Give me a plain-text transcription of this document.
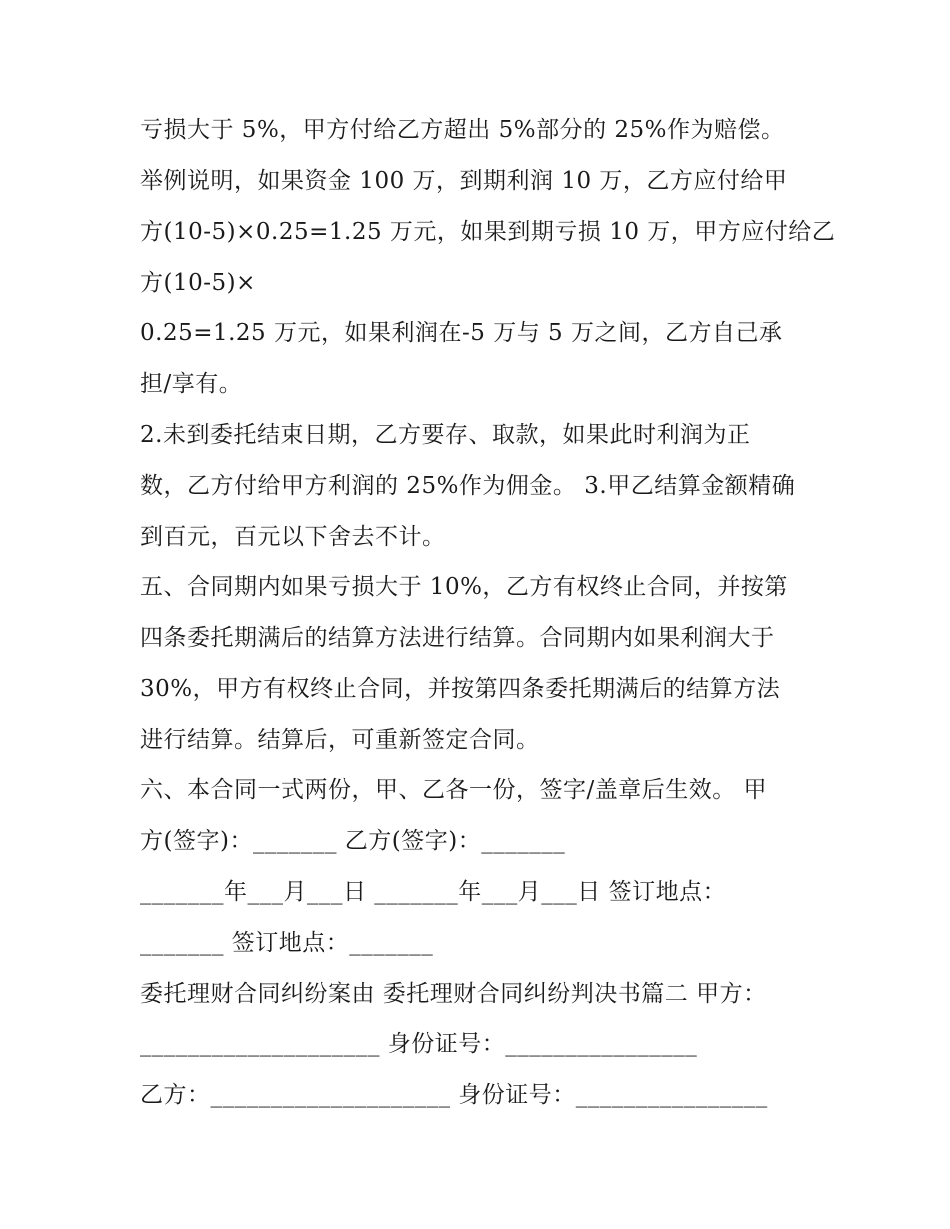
亏损大于 5%，甲方付给乙方超出 5%部分的 25%作为赔偿。
举例说明，如果资金 100 万，到期利润 10 万，乙方应付给甲
方(10-5)×0.25=1.25 万元，如果到期亏损 10 万，甲方应付给乙
方(10-5)×
0.25=1.25 万元，如果利润在-5 万与 5 万之间，乙方自己承
担/享有。
2.未到委托结束日期，乙方要存、取款，如果此时利润为正
数，乙方付给甲方利润的 25%作为佣金。 3.甲乙结算金额精确
到百元，百元以下舍去不计。
五、合同期内如果亏损大于 10%，乙方有权终止合同，并按第
四条委托期满后的结算方法进行结算。合同期内如果利润大于
30%，甲方有权终止合同，并按第四条委托期满后的结算方法
进行结算。结算后，可重新签定合同。
六、本合同一式两份，甲、乙各一份，签字/盖章后生效。 甲
方(签字)：_______ 乙方(签字)：_______
_______年___月___日 _______年___月___日 签订地点：
_______ 签订地点：_______
委托理财合同纠纷案由 委托理财合同纠纷判决书篇二 甲方：
____________________ 身份证号：________________
乙方：____________________ 身份证号：________________
